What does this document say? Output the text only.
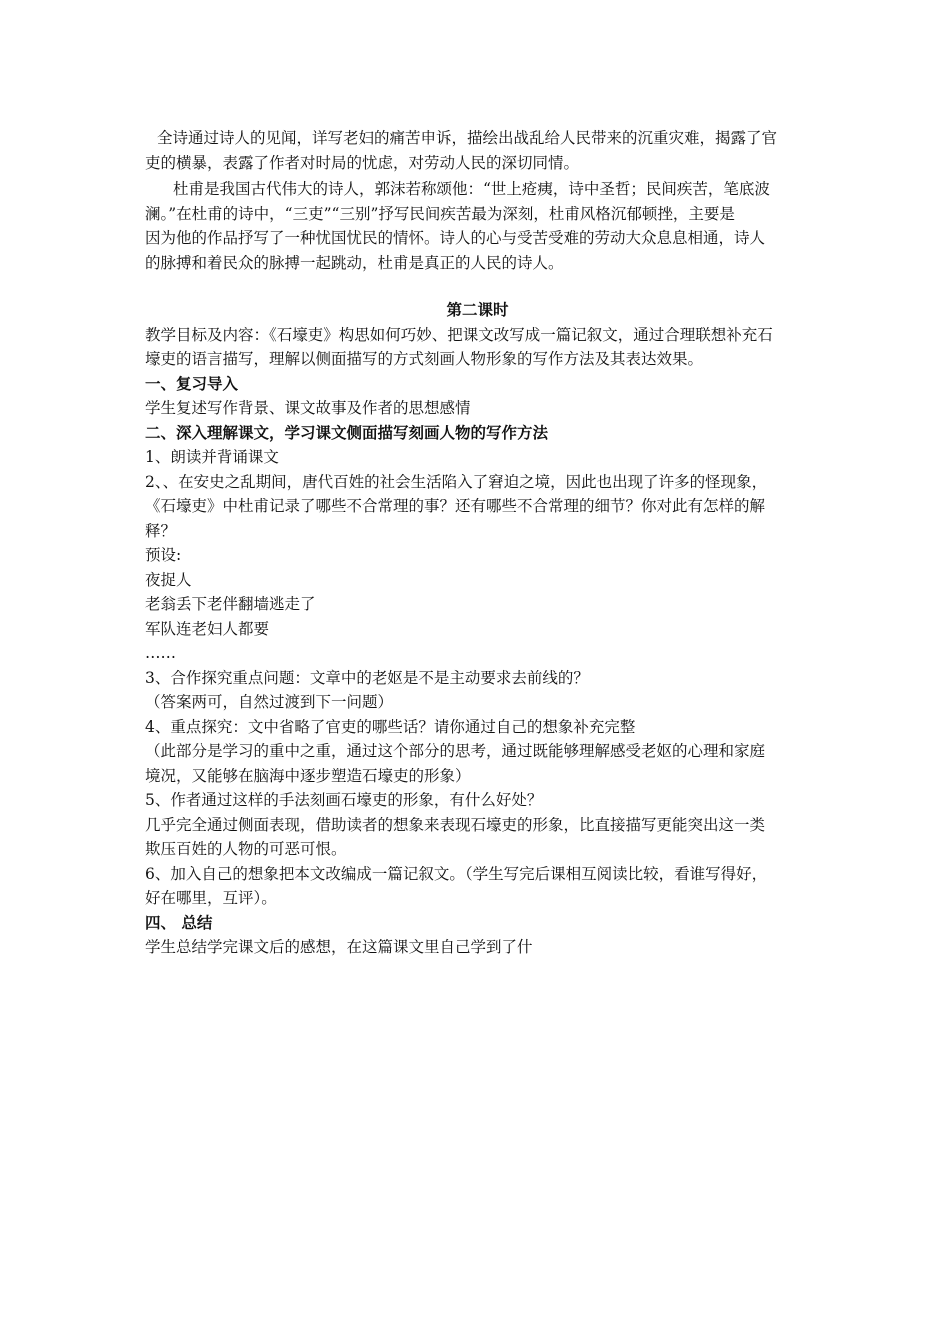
全诗通过诗人的见闻，详写老妇的痛苦申诉，描绘出战乱给人民带来的沉重灾难，揭露了官
吏的横暴，表露了作者对时局的忧虑，对劳动人民的深切同情。
杜甫是我国古代伟大的诗人，郭沫若称颂他：“世上疮痍，诗中圣哲；民间疾苦，笔底波
澜。”在杜甫的诗中，“三吏”“三别”抒写民间疾苦最为深刻，杜甫风格沉郁顿挫，主要是
因为他的作品抒写了一种忧国忧民的情怀。诗人的心与受苦受难的劳动大众息息相通，诗人
的脉搏和着民众的脉搏一起跳动，杜甫是真正的人民的诗人。
第二课时
教学目标及内容：《石壕吏》构思如何巧妙、把课文改写成一篇记叙文，通过合理联想补充石
壕吏的语言描写，理解以侧面描写的方式刻画人物形象的写作方法及其表达效果。
一、复习导入
学生复述写作背景、课文故事及作者的思想感情
二、深入理解课文，学习课文侧面描写刻画人物的写作方法
1、朗读并背诵课文
2、、在安史之乱期间，唐代百姓的社会生活陷入了窘迫之境，因此也出现了许多的怪现象，
《石壕吏》中杜甫记录了哪些不合常理的事？还有哪些不合常理的细节？你对此有怎样的解
释？
预设:
夜捉人
老翁丢下老伴翻墙逃走了
军队连老妇人都要
……
3、合作探究重点问题：文章中的老妪是不是主动要求去前线的？
（答案两可，自然过渡到下一问题）
4、重点探究：文中省略了官吏的哪些话？请你通过自己的想象补充完整
（此部分是学习的重中之重，通过这个部分的思考，通过既能够理解感受老妪的心理和家庭
境况，又能够在脑海中逐步塑造石壕吏的形象）
5、作者通过这样的手法刻画石壕吏的形象，有什么好处？
几乎完全通过侧面表现，借助读者的想象来表现石壕吏的形象，比直接描写更能突出这一类
欺压百姓的人物的可恶可恨。
6、加入自己的想象把本文改编成一篇记叙文。（学生写完后课相互阅读比较，看谁写得好，
好在哪里，互评）。
四、 总结
学生总结学完课文后的感想，在这篇课文里自己学到了什
